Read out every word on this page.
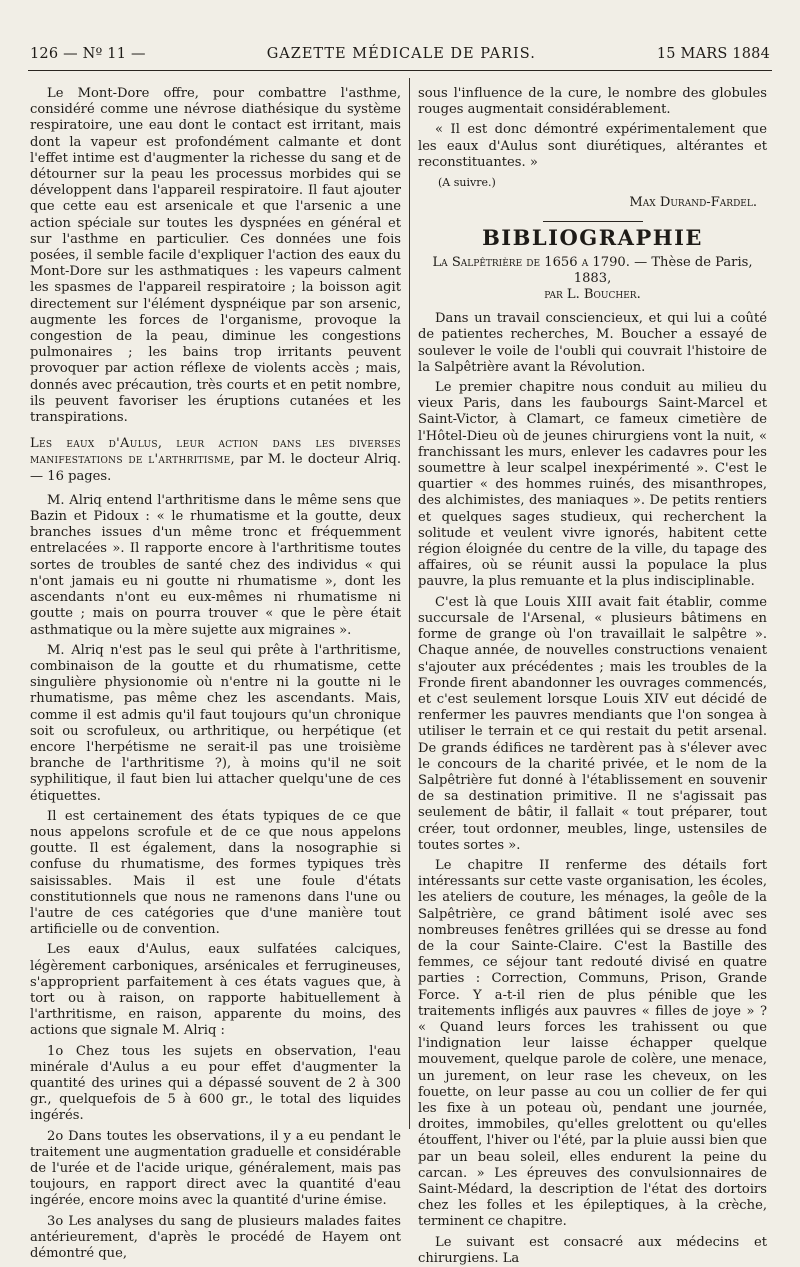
126 — Nº 11 —	GAZETTE MÉDICALE DE PARIS.	15 MARS 1884

Le Mont-Dore offre, pour combattre l'asthme, considéré comme une névrose diathésique du système respiratoire, une eau dont le contact est irritant, mais dont la vapeur est profondément calmante et dont l'effet intime est d'augmenter la richesse du sang et de détourner sur la peau les processus morbides qui se développent dans l'appareil respiratoire. Il faut ajouter que cette eau est arsenicale et que l'arsenic a une action spéciale sur toutes les dyspnées en général et sur l'asthme en particulier. Ces données une fois posées, il semble facile d'expliquer l'action des eaux du Mont-Dore sur les asthmatiques : les vapeurs calment les spasmes de l'appareil respiratoire ; la boisson agit directement sur l'élément dyspnéique par son arsenic, augmente les forces de l'organisme, provoque la congestion de la peau, diminue les congestions pulmonaires ; les bains trop irritants peuvent provoquer par action réflexe de violents accès ; mais, donnés avec précaution, très courts et en petit nombre, ils peuvent favoriser les éruptions cutanées et les transpirations.

Les eaux d'Aulus, leur action dans les diverses manifestations de l'arthritisme, par M. le docteur Alriq. — 16 pages.

M. Alriq entend l'arthritisme dans le même sens que Bazin et Pidoux : « le rhumatisme et la goutte, deux branches issues d'un même tronc et fréquemment entrelacées ». Il rapporte encore à l'arthritisme toutes sortes de troubles de santé chez des individus « qui n'ont jamais eu ni goutte ni rhumatisme », dont les ascendants n'ont eu eux-mêmes ni rhumatisme ni goutte ; mais on pourra trouver « que le père était asthmatique ou la mère sujette aux migraines ».

M. Alriq n'est pas le seul qui prête à l'arthritisme, combinaison de la goutte et du rhumatisme, cette singulière physionomie où n'entre ni la goutte ni le rhumatisme, pas même chez les ascendants. Mais, comme il est admis qu'il faut toujours qu'un chronique soit ou scrofuleux, ou arthritique, ou herpétique (et encore l'herpétisme ne serait-il pas une troisième branche de l'arthritisme ?), à moins qu'il ne soit syphilitique, il faut bien lui attacher quelqu'une de ces étiquettes.

Il est certainement des états typiques de ce que nous appelons scrofule et de ce que nous appelons goutte. Il est également, dans la nosographie si confuse du rhumatisme, des formes typiques très saisissables. Mais il est une foule d'états constitutionnels que nous ne ramenons dans l'une ou l'autre de ces catégories que d'une manière tout artificielle ou de convention.

Les eaux d'Aulus, eaux sulfatées calciques, légèrement carboniques, arsénicales et ferrugineuses, s'approprient parfaitement à ces états vagues que, à tort ou à raison, on rapporte habituellement à l'arthritisme, en raison, apparente du moins, des actions que signale M. Alriq :

1o Chez tous les sujets en observation, l'eau minérale d'Aulus a eu pour effet d'augmenter la quantité des urines qui a dépassé souvent de 2 à 300 gr., quelquefois de 5 à 600 gr., le total des liquides ingérés.

2o Dans toutes les observations, il y a eu pendant le traitement une augmentation graduelle et considérable de l'urée et de l'acide urique, généralement, mais pas toujours, en rapport direct avec la quantité d'eau ingérée, encore moins avec la quantité d'urine émise.

3o Les analyses du sang de plusieurs malades faites antérieurement, d'après le procédé de Hayem ont démontré que,

sous l'influence de la cure, le nombre des globules rouges augmentait considérablement.

« Il est donc démontré expérimentalement que les eaux d'Aulus sont diurétiques, altérantes et reconstituantes. »

(A suivre.)

Max Durand-Fardel.

BIBLIOGRAPHIE

La Salpêtrière de 1656 a 1790. — Thèse de Paris, 1883,
par L. Boucher.

Dans un travail consciencieux, et qui lui a coûté de patientes recherches, M. Boucher a essayé de soulever le voile de l'oubli qui couvrait l'histoire de la Salpêtrière avant la Révolution.

Le premier chapitre nous conduit au milieu du vieux Paris, dans les faubourgs Saint-Marcel et Saint-Victor, à Clamart, ce fameux cimetière de l'Hôtel-Dieu où de jeunes chirurgiens vont la nuit, « franchissant les murs, enlever les cadavres pour les soumettre à leur scalpel inexpérimenté ». C'est le quartier « des hommes ruinés, des misanthropes, des alchimistes, des maniaques ». De petits rentiers et quelques sages studieux, qui recherchent la solitude et veulent vivre ignorés, habitent cette région éloignée du centre de la ville, du tapage des affaires, où se réunit aussi la populace la plus pauvre, la plus remuante et la plus indisciplinable.

C'est là que Louis XIII avait fait établir, comme succursale de l'Arsenal, « plusieurs bâtimens en forme de grange où l'on travaillait le salpêtre ». Chaque année, de nouvelles constructions venaient s'ajouter aux précédentes ; mais les troubles de la Fronde firent abandonner les ouvrages commencés, et c'est seulement lorsque Louis XIV eut décidé de renfermer les pauvres mendiants que l'on songea à utiliser le terrain et ce qui restait du petit arsenal. De grands édifices ne tardèrent pas à s'élever avec le concours de la charité privée, et le nom de la Salpêtrière fut donné à l'établissement en souvenir de sa destination primitive. Il ne s'agissait pas seulement de bâtir, il fallait « tout préparer, tout créer, tout ordonner, meubles, linge, ustensiles de toutes sortes ».

Le chapitre II renferme des détails fort intéressants sur cette vaste organisation, les écoles, les ateliers de couture, les ménages, la geôle de la Salpêtrière, ce grand bâtiment isolé avec ses nombreuses fenêtres grillées qui se dresse au fond de la cour Sainte-Claire. C'est la Bastille des femmes, ce séjour tant redouté divisé en quatre parties : Correction, Communs, Prison, Grande Force. Y a-t-il rien de plus pénible que les traitements infligés aux pauvres « filles de joye » ? « Quand leurs forces les trahissent ou que l'indignation leur laisse échapper quelque mouvement, quelque parole de colère, une menace, un jurement, on leur rase les cheveux, on les fouette, on leur passe au cou un collier de fer qui les fixe à un poteau où, pendant une journée, droites, immobiles, qu'elles grelottent ou qu'elles étouffent, l'hiver ou l'été, par la pluie aussi bien que par un beau soleil, elles endurent la peine du carcan. » Les épreuves des convulsionnaires de Saint-Médard, la description de l'état des dortoirs chez les folles et les épileptiques, à la crèche, terminent ce chapitre.

Le suivant est consacré aux médecins et chirurgiens. La
